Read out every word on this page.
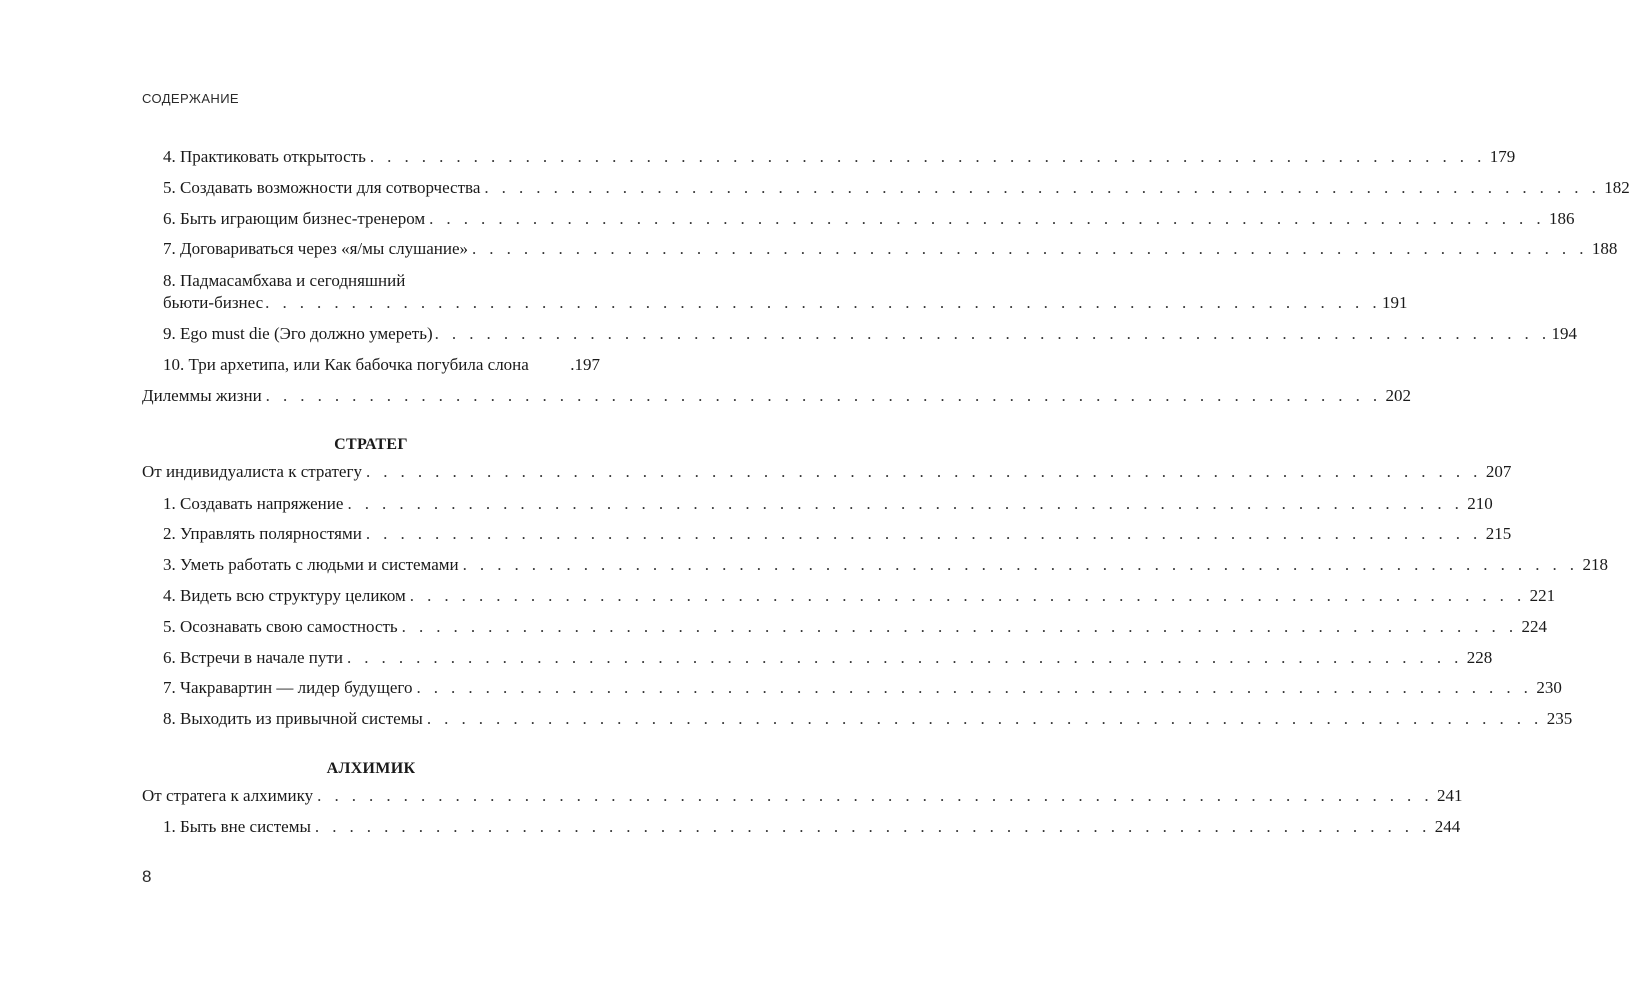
СОДЕРЖАНИЕ
4. Практиковать открытость . . . . . . . . . . . . . . . . . . . . . . . . . . . . . . . . . . . . . . . . . . . . . . . . . . . . . . . . . . . . . . . . . 179
5. Создавать возможности для сотворчества . . . . . . . . . . . . . . . . . . . . . . . . . . . . . . . . . . . . . . . . . . . . . . . . . . . . . . . . . . . . . . . . . 182
6. Быть играющим бизнес-тренером . . . . . . . . . . . . . . . . . . . . . . . . . . . . . . . . . . . . . . . . . . . . . . . . . . . . . . . . . . . . . . . . . 186
7. Договариваться через «я/мы слушание» . . . . . . . . . . . . . . . . . . . . . . . . . . . . . . . . . . . . . . . . . . . . . . . . . . . . . . . . . . . . . . . . . 188
8. Падмасамбхава и сегодняшний
бьюти-бизнес . . . . . . . . . . . . . . . . . . . . . . . . . . . . . . . . . . . . . . . . . . . . . . . . . . . . . . . . . . . . . . . . . 191
9. Ego must die (Эго должно умереть) . . . . . . . . . . . . . . . . . . . . . . . . . . . . . . . . . . . . . . . . . . . . . . . . . . . . . . . . . . . . . . . . . 194
10. Три архетипа, или Как бабочка погубила слона .197
Дилеммы жизни . . . . . . . . . . . . . . . . . . . . . . . . . . . . . . . . . . . . . . . . . . . . . . . . . . . . . . . . . . . . . . . . . 202
СТРАТЕГ
От индивидуалиста к стратегу . . . . . . . . . . . . . . . . . . . . . . . . . . . . . . . . . . . . . . . . . . . . . . . . . . . . . . . . . . . . . . . . . 207
1. Создавать напряжение . . . . . . . . . . . . . . . . . . . . . . . . . . . . . . . . . . . . . . . . . . . . . . . . . . . . . . . . . . . . . . . . . 210
2. Управлять полярностями . . . . . . . . . . . . . . . . . . . . . . . . . . . . . . . . . . . . . . . . . . . . . . . . . . . . . . . . . . . . . . . . . 215
3. Уметь работать с людьми и системами . . . . . . . . . . . . . . . . . . . . . . . . . . . . . . . . . . . . . . . . . . . . . . . . . . . . . . . . . . . . . . . . . 218
4. Видеть всю структуру целиком . . . . . . . . . . . . . . . . . . . . . . . . . . . . . . . . . . . . . . . . . . . . . . . . . . . . . . . . . . . . . . . . . 221
5. Осознавать свою самостность . . . . . . . . . . . . . . . . . . . . . . . . . . . . . . . . . . . . . . . . . . . . . . . . . . . . . . . . . . . . . . . . . 224
6. Встречи в начале пути . . . . . . . . . . . . . . . . . . . . . . . . . . . . . . . . . . . . . . . . . . . . . . . . . . . . . . . . . . . . . . . . . 228
7. Чакравартин — лидер будущего . . . . . . . . . . . . . . . . . . . . . . . . . . . . . . . . . . . . . . . . . . . . . . . . . . . . . . . . . . . . . . . . . 230
8. Выходить из привычной системы . . . . . . . . . . . . . . . . . . . . . . . . . . . . . . . . . . . . . . . . . . . . . . . . . . . . . . . . . . . . . . . . . 235
АЛХИМИК
От стратега к алхимику . . . . . . . . . . . . . . . . . . . . . . . . . . . . . . . . . . . . . . . . . . . . . . . . . . . . . . . . . . . . . . . . . 241
1. Быть вне системы . . . . . . . . . . . . . . . . . . . . . . . . . . . . . . . . . . . . . . . . . . . . . . . . . . . . . . . . . . . . . . . . . 244
8
